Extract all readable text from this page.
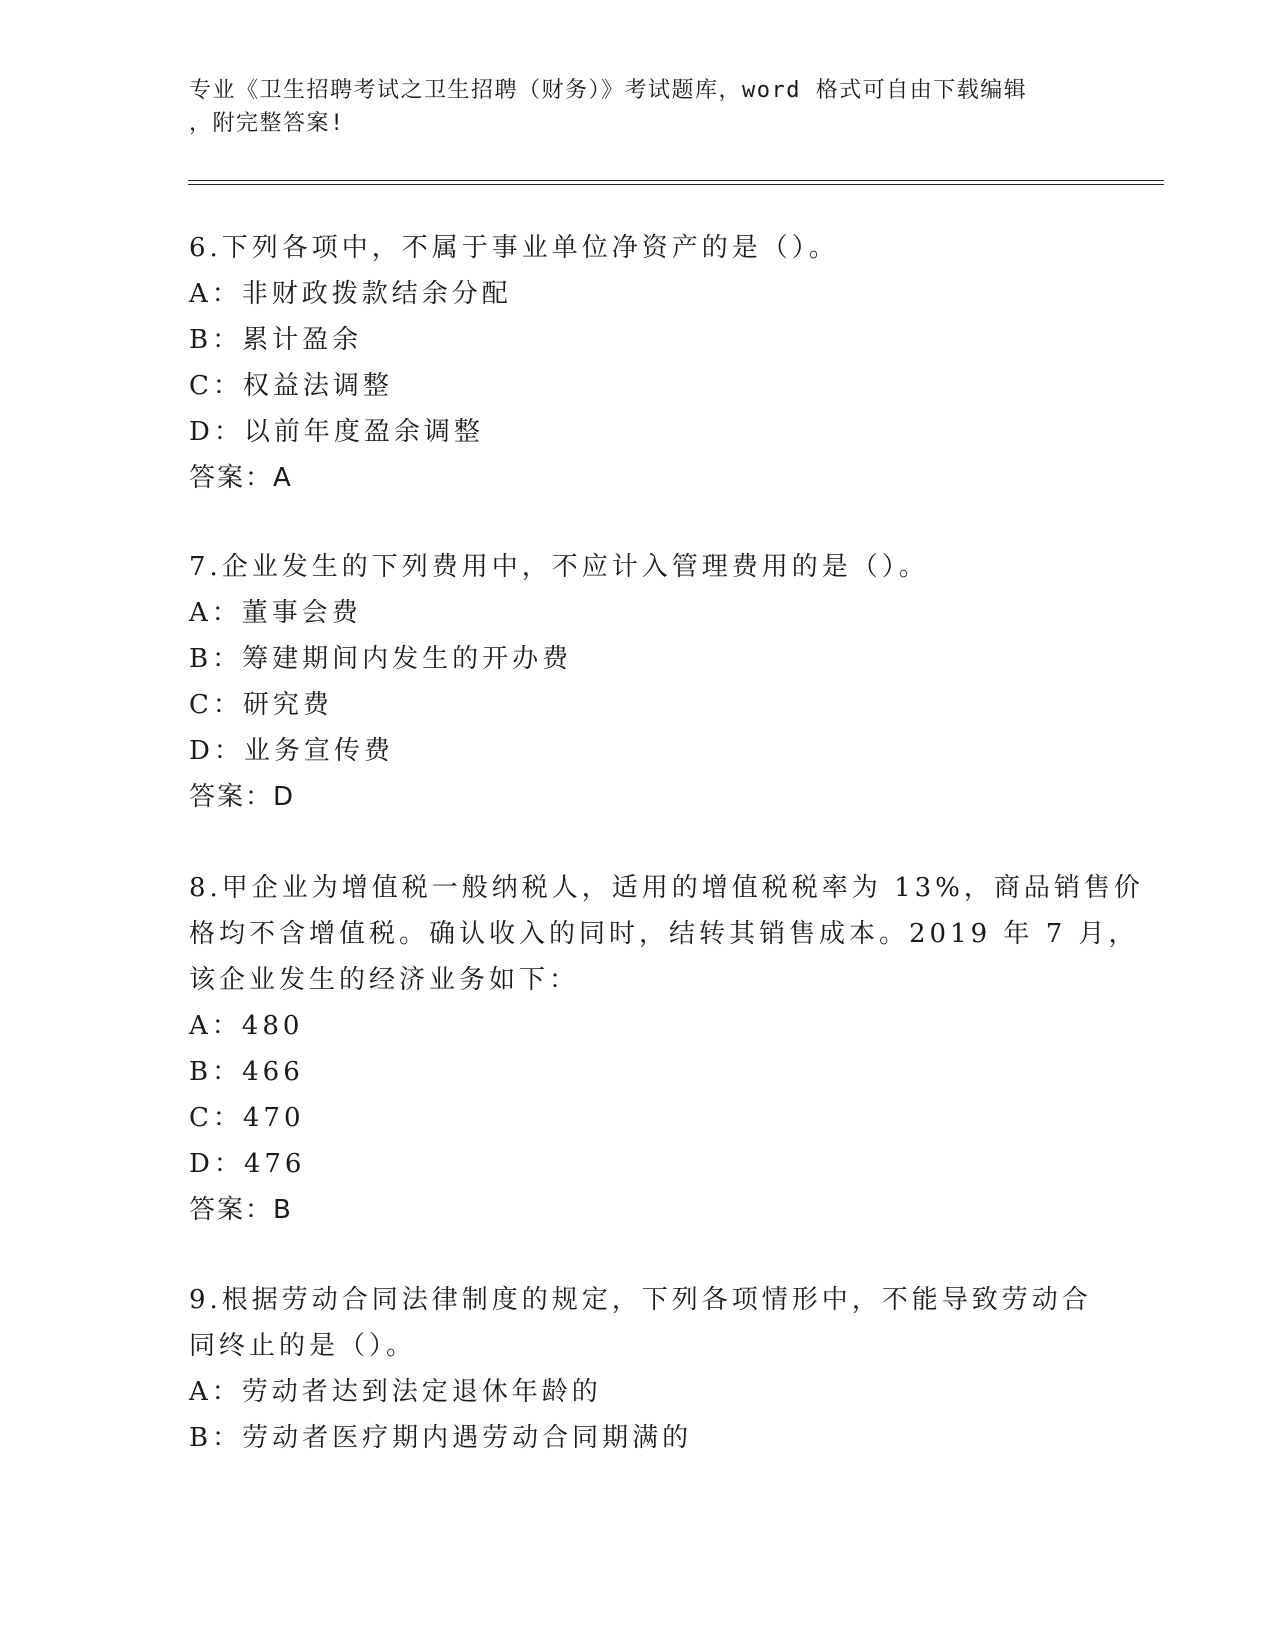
专业《卫生招聘考试之卫生招聘（财务）》考试题库，word 格式可自由下载编辑
，附完整答案!
6.下列各项中，不属于事业单位净资产的是（）。
A：非财政拨款结余分配
B：累计盈余
C：权益法调整
D：以前年度盈余调整
答案：A
7.企业发生的下列费用中，不应计入管理费用的是（）。
A：董事会费
B：筹建期间内发生的开办费
C：研究费
D：业务宣传费
答案：D
8.甲企业为增值税一般纳税人，适用的增值税税率为 13%，商品销售价
格均不含增值税。确认收入的同时，结转其销售成本。2019 年 7 月，
该企业发生的经济业务如下：
A：480
B：466
C：470
D：476
答案：B
9.根据劳动合同法律制度的规定，下列各项情形中，不能导致劳动合
同终止的是（）。
A：劳动者达到法定退休年龄的
B：劳动者医疗期内遇劳动合同期满的
